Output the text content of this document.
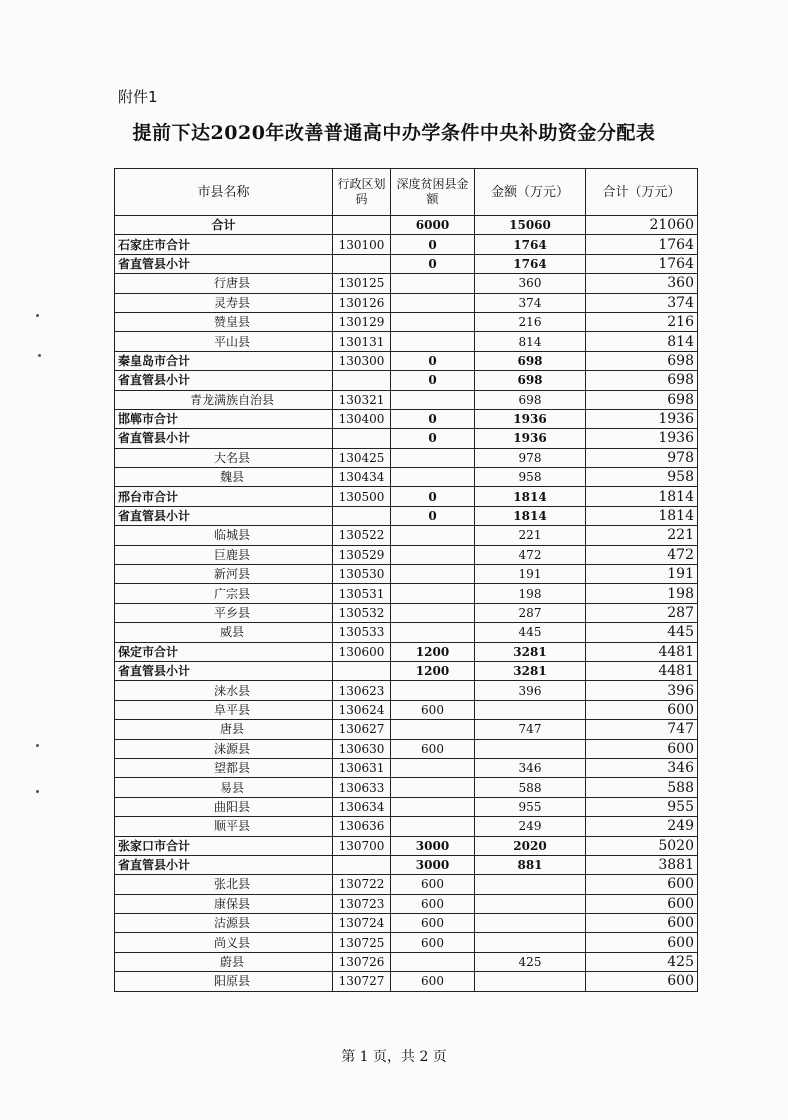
附件1
提前下达2020年改善普通高中办学条件中央补助资金分配表
市县名称	行政区划码	深度贫困县金额	金额（万元）	合计（万元）
合计		6000	15060	21060
石家庄市合计	130100	0	1764	1764
省直管县小计		0	1764	1764
行唐县	130125		360	360
灵寿县	130126		374	374
赞皇县	130129		216	216
平山县	130131		814	814
秦皇岛市合计	130300	0	698	698
省直管县小计		0	698	698
青龙满族自治县	130321		698	698
邯郸市合计	130400	0	1936	1936
省直管县小计		0	1936	1936
大名县	130425		978	978
魏县	130434		958	958
邢台市合计	130500	0	1814	1814
省直管县小计		0	1814	1814
临城县	130522		221	221
巨鹿县	130529		472	472
新河县	130530		191	191
广宗县	130531		198	198
平乡县	130532		287	287
威县	130533		445	445
保定市合计	130600	1200	3281	4481
省直管县小计		1200	3281	4481
涞水县	130623		396	396
阜平县	130624	600		600
唐县	130627		747	747
涞源县	130630	600		600
望都县	130631		346	346
易县	130633		588	588
曲阳县	130634		955	955
顺平县	130636		249	249
张家口市合计	130700	3000	2020	5020
省直管县小计		3000	881	3881
张北县	130722	600		600
康保县	130723	600		600
沽源县	130724	600		600
尚义县	130725	600		600
蔚县	130726		425	425
阳原县	130727	600		600
第 1 页，共 2 页
